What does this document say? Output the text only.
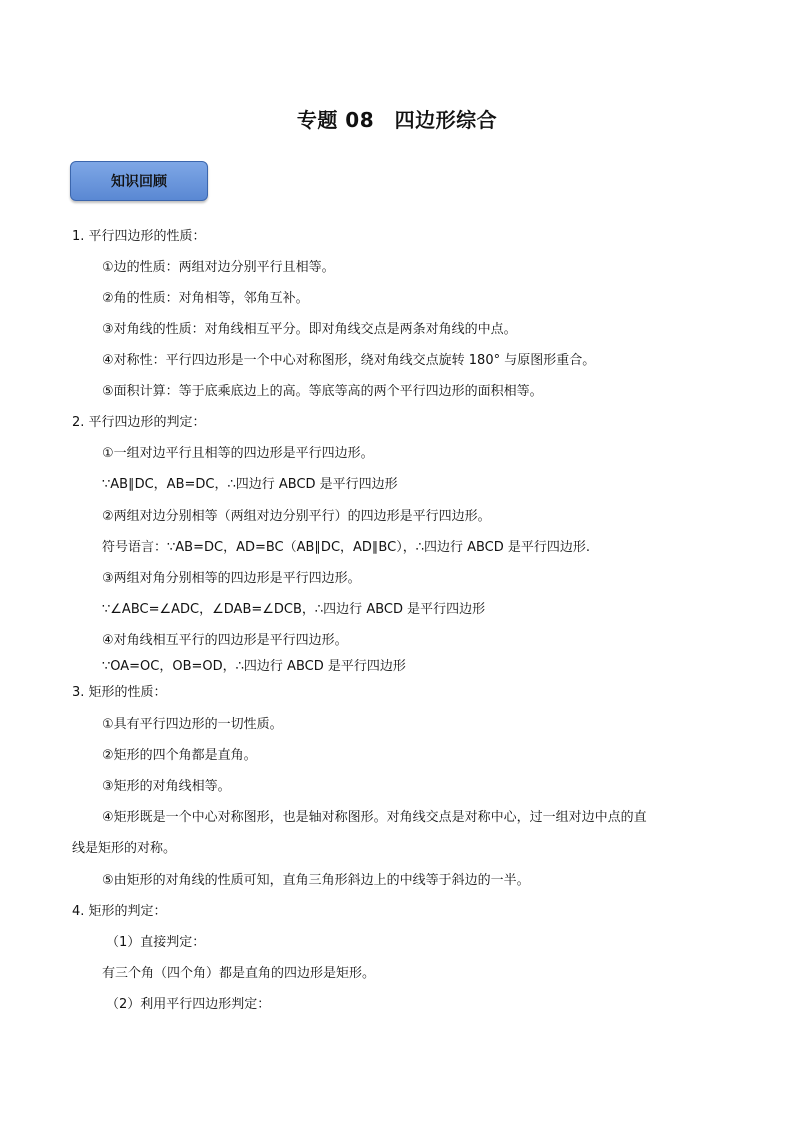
专题 08　四边形综合
知识回顾
1. 平行四边形的性质：
①边的性质：两组对边分别平行且相等。
②角的性质：对角相等，邻角互补。
③对角线的性质：对角线相互平分。即对角线交点是两条对角线的中点。
④对称性：平行四边形是一个中心对称图形，绕对角线交点旋转 180° 与原图形重合。
⑤面积计算：等于底乘底边上的高。等底等高的两个平行四边形的面积相等。
2. 平行四边形的判定：
①一组对边平行且相等的四边形是平行四边形。
∵AB∥DC，AB=DC，∴四边行 ABCD 是平行四边形
②两组对边分别相等（两组对边分别平行）的四边形是平行四边形。
符号语言：∵AB=DC，AD=BC（AB∥DC，AD∥BC），∴四边行 ABCD 是平行四边形.
③两组对角分别相等的四边形是平行四边形。
∵∠ABC=∠ADC，∠DAB=∠DCB，∴四边行 ABCD 是平行四边形
④对角线相互平行的四边形是平行四边形。
∵OA=OC，OB=OD，∴四边行 ABCD 是平行四边形
3. 矩形的性质：
①具有平行四边形的一切性质。
②矩形的四个角都是直角。
③矩形的对角线相等。
④矩形既是一个中心对称图形，也是轴对称图形。对角线交点是对称中心，过一组对边中点的直
线是矩形的对称。
⑤由矩形的对角线的性质可知，直角三角形斜边上的中线等于斜边的一半。
4. 矩形的判定：
（1）直接判定：
有三个角（四个角）都是直角的四边形是矩形。
（2）利用平行四边形判定：
